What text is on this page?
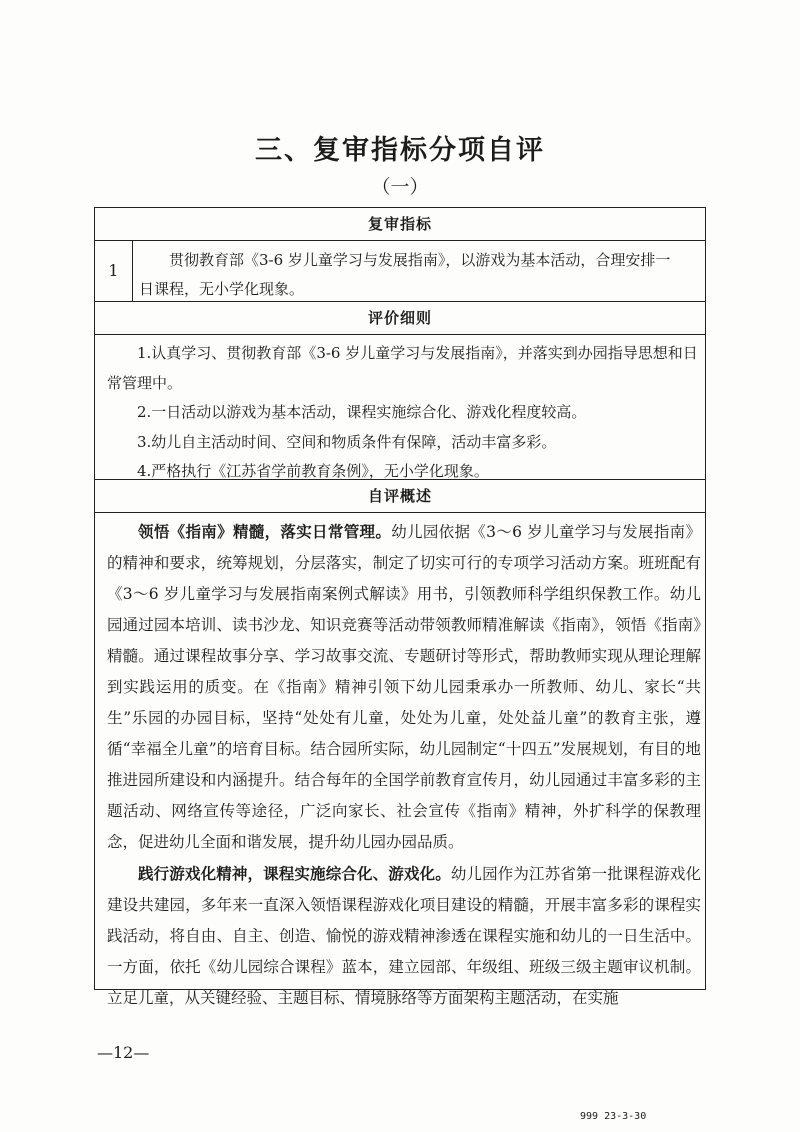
三、复审指标分项自评
（一）
复审指标
1
贯彻教育部《3-6 岁儿童学习与发展指南》，以游戏为基本活动，合理安排一
日课程，无小学化现象。
评价细则

1.认真学习、贯彻教育部《3-6 岁儿童学习与发展指南》，并落实到办园指导思想和日常管理中。

2.一日活动以游戏为基本活动，课程实施综合化、游戏化程度较高。

3.幼儿自主活动时间、空间和物质条件有保障，活动丰富多彩。

4.严格执行《江苏省学前教育条例》，无小学化现象。

自评概述

领悟《指南》精髓，落实日常管理。幼儿园依据《3～6 岁儿童学习与发展指南》的精神和要求，统筹规划，分层落实，制定了切实可行的专项学习活动方案。班班配有《3～6 岁儿童学习与发展指南案例式解读》用书，引领教师科学组织保教工作。幼儿园通过园本培训、读书沙龙、知识竞赛等活动带领教师精准解读《指南》，领悟《指南》精髓。通过课程故事分享、学习故事交流、专题研讨等形式，帮助教师实现从理论理解到实践运用的质变。在《指南》精神引领下幼儿园秉承办一所教师、幼儿、家长“共生”乐园的办园目标，坚持“处处有儿童，处处为儿童，处处益儿童”的教育主张，遵循“幸福全儿童”的培育目标。结合园所实际，幼儿园制定“十四五”发展规划，有目的地推进园所建设和内涵提升。结合每年的全国学前教育宣传月，幼儿园通过丰富多彩的主题活动、网络宣传等途径，广泛向家长、社会宣传《指南》精神，外扩科学的保教理念，促进幼儿全面和谐发展，提升幼儿园办园品质。

践行游戏化精神，课程实施综合化、游戏化。幼儿园作为江苏省第一批课程游戏化建设共建园，多年来一直深入领悟课程游戏化项目建设的精髓，开展丰富多彩的课程实践活动，将自由、自主、创造、愉悦的游戏精神渗透在课程实施和幼儿的一日生活中。一方面，依托《幼儿园综合课程》蓝本，建立园部、年级组、班级三级主题审议机制。立足儿童，从关键经验、主题目标、情境脉络等方面架构主题活动，在实施

—12—
999 23-3-30
